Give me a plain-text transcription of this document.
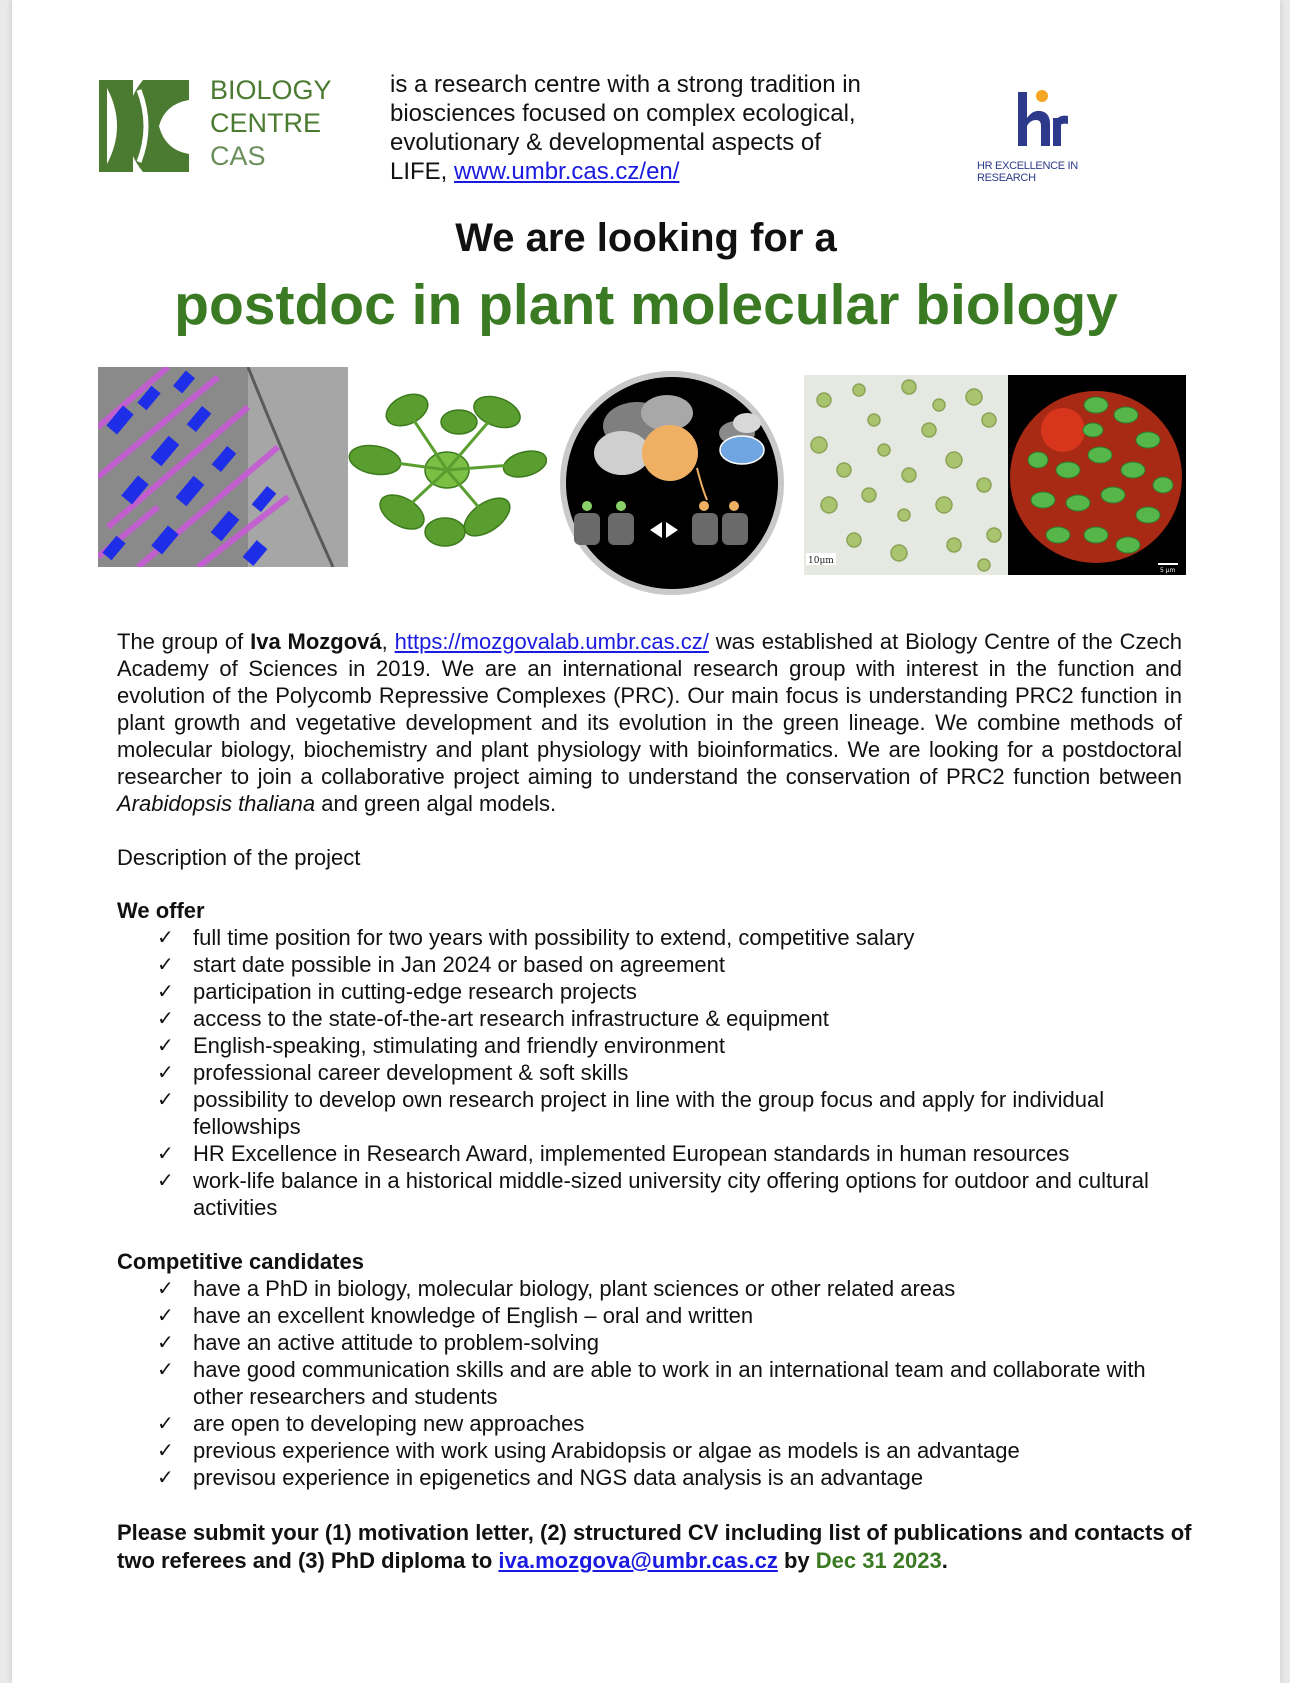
BIOLOGY
CENTRE
CAS
is a research centre with a strong tradition in biosciences focused on complex ecological, evolutionary & developmental aspects of LIFE, www.umbr.cas.cz/en/	HR EXCELLENCE IN RESEARCH
We are looking for a
postdoc in plant molecular biology
10μm
5 μm
The group of Iva Mozgová, https://mozgovalab.umbr.cas.cz/ was established at Biology Centre of the Czech Academy of Sciences in 2019. We are an international research group with interest in the function and evolution of the Polycomb Repressive Complexes (PRC). Our main focus is understanding PRC2 function in plant growth and vegetative development and its evolution in the green lineage. We combine methods of molecular biology, biochemistry and plant physiology with bioinformatics. We are looking for a postdoctoral researcher to join a collaborative project aiming to understand the conservation of PRC2 function between Arabidopsis thaliana and green algal models.
Description of the project
We offer
✓ full time position for two years with possibility to extend, competitive salary
✓ start date possible in Jan 2024 or based on agreement
✓ participation in cutting-edge research projects
✓ access to the state-of-the-art research infrastructure & equipment
✓ English-speaking, stimulating and friendly environment
✓ professional career development & soft skills
✓ possibility to develop own research project in line with the group focus and apply for individual fellowships
✓ HR Excellence in Research Award, implemented European standards in human resources
✓ work-life balance in a historical middle-sized university city offering options for outdoor and cultural activities
Competitive candidates
✓ have a PhD in biology, molecular biology, plant sciences or other related areas
✓ have an excellent knowledge of English – oral and written
✓ have an active attitude to problem-solving
✓ have good communication skills and are able to work in an international team and collaborate with other researchers and students
✓ are open to developing new approaches
✓ previous experience with work using Arabidopsis or algae as models is an advantage
✓ previsou experience in epigenetics and NGS data analysis is an advantage
Please submit your (1) motivation letter, (2) structured CV including list of publications and contacts of two referees and (3) PhD diploma to iva.mozgova@umbr.cas.cz by Dec 31 2023.
